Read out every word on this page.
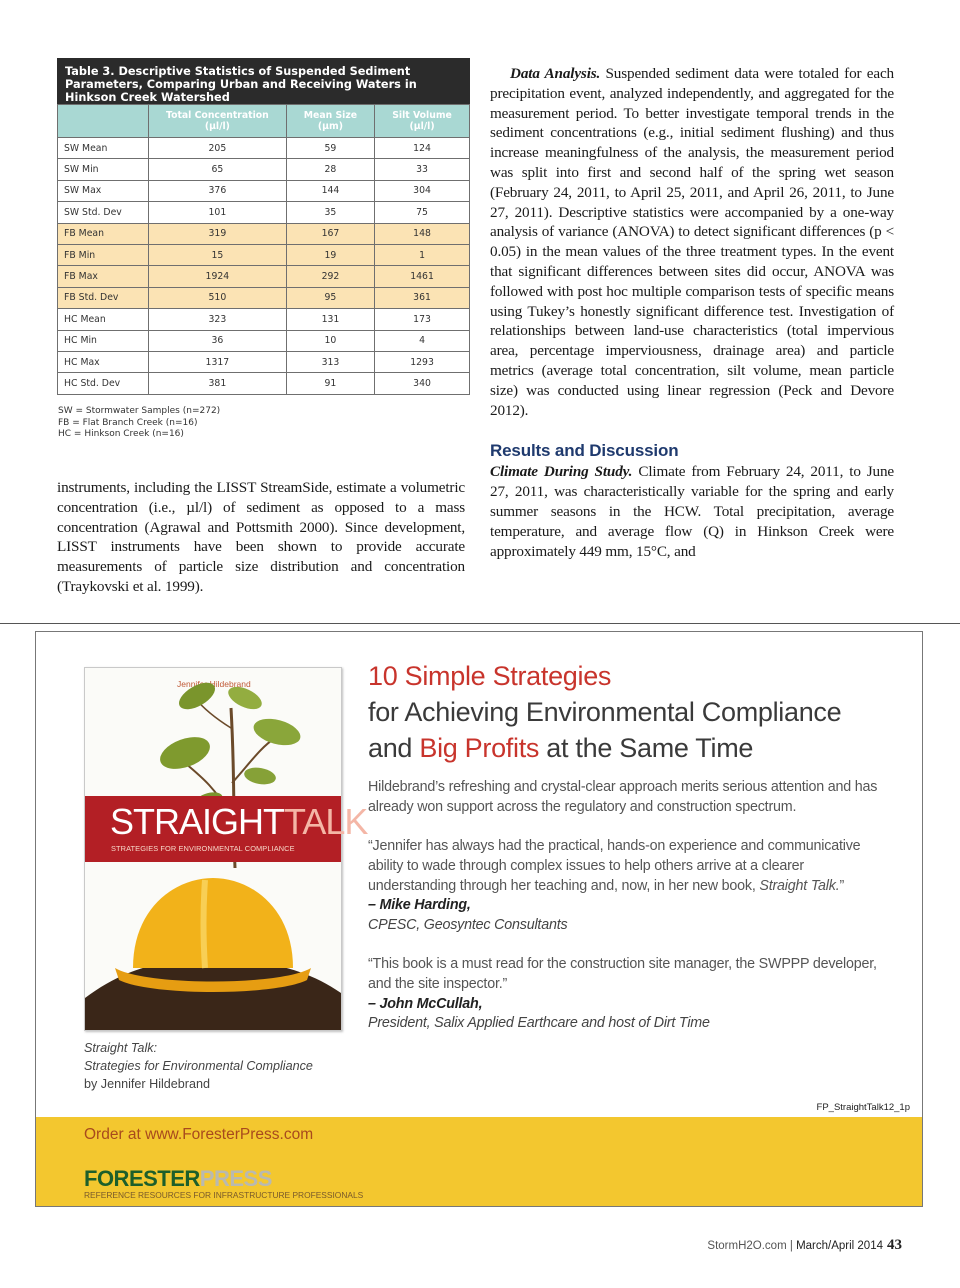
Table 3. Descriptive Statistics of Suspended Sediment Parameters, Comparing Urban and Receiving Waters in Hinkson Creek Watershed
	Total Concentration (µl/l)	Mean Size (µm)	Silt Volume (µl/l)
SW Mean	205	59	124
SW Min	65	28	33
SW Max	376	144	304
SW Std. Dev	101	35	75
FB Mean	319	167	148
FB Min	15	19	1
FB Max	1924	292	1461
FB Std. Dev	510	95	361
HC Mean	323	131	173
HC Min	36	10	4
HC Max	1317	313	1293
HC Std. Dev	381	91	340
SW = Stormwater Samples (n=272)
FB = Flat Branch Creek (n=16)
HC = Hinkson Creek (n=16)

Data Analysis. Suspended sediment data were totaled for each precipitation event, analyzed independently, and aggregated for the measurement period. To better investigate temporal trends in the sediment concentrations (e.g., initial sediment flushing) and thus increase meaningfulness of the analysis, the measurement period was split into first and second half of the spring wet season (February 24, 2011, to April 25, 2011, and April 26, 2011, to June 27, 2011). Descriptive statistics were accompanied by a one-way analysis of variance (ANOVA) to detect significant differences (p < 0.05) in the mean values of the three treatment types. In the event that significant differences between sites did occur, ANOVA was followed with post hoc multiple comparison tests of specific means using Tukey’s honestly significant difference test. Investigation of relationships between land-use characteristics (total impervious area, percentage imperviousness, drainage area) and particle metrics (average total concentration, silt volume, mean particle size) was conducted using linear regression (Peck and Devore 2012).

Results and Discussion

Climate During Study. Climate from February 24, 2011, to June 27, 2011, was characteristically variable for the spring and early summer seasons in the HCW. Total precipitation, average temperature, and average flow (Q) in Hinkson Creek were approximately 449 mm, 15°C, and

instruments, including the LISST StreamSide, estimate a volumetric concentration (i.e., µl/l) of sediment as opposed to a mass concentration (Agrawal and Pottsmith 2000). Since development, LISST instruments have been shown to provide accurate measurements of particle size distribution and concentration (Traykovski et al. 1999).

Jennifer Hildebrand
STRAIGHTTALK
STRATEGIES FOR ENVIRONMENTAL COMPLIANCE
Straight Talk:
Strategies for Environmental Compliance
by Jennifer Hildebrand
10 Simple Strategies
for Achieving Environmental Compliance
and Big Profits at the Same Time

Hildebrand’s refreshing and crystal-clear approach merits serious attention and has already won support across the regulatory and construction spectrum.

“Jennifer has always had the practical, hands-on experience and communicative ability to wade through complex issues to help others arrive at a clearer understanding through her teaching and, now, in her new book, Straight Talk.”

– Mike Harding,

CPESC, Geosyntec Consultants

“This book is a must read for the construction site manager, the SWPPP developer, and the site inspector.”

– John McCullah,

President, Salix Applied Earthcare and host of Dirt Time

FP_StraightTalk12_1p
Order at www.ForesterPress.com
FORESTERPRESS
REFERENCE RESOURCES FOR INFRASTRUCTURE PROFESSIONALS
StormH2O.com | March/April 2014 43
